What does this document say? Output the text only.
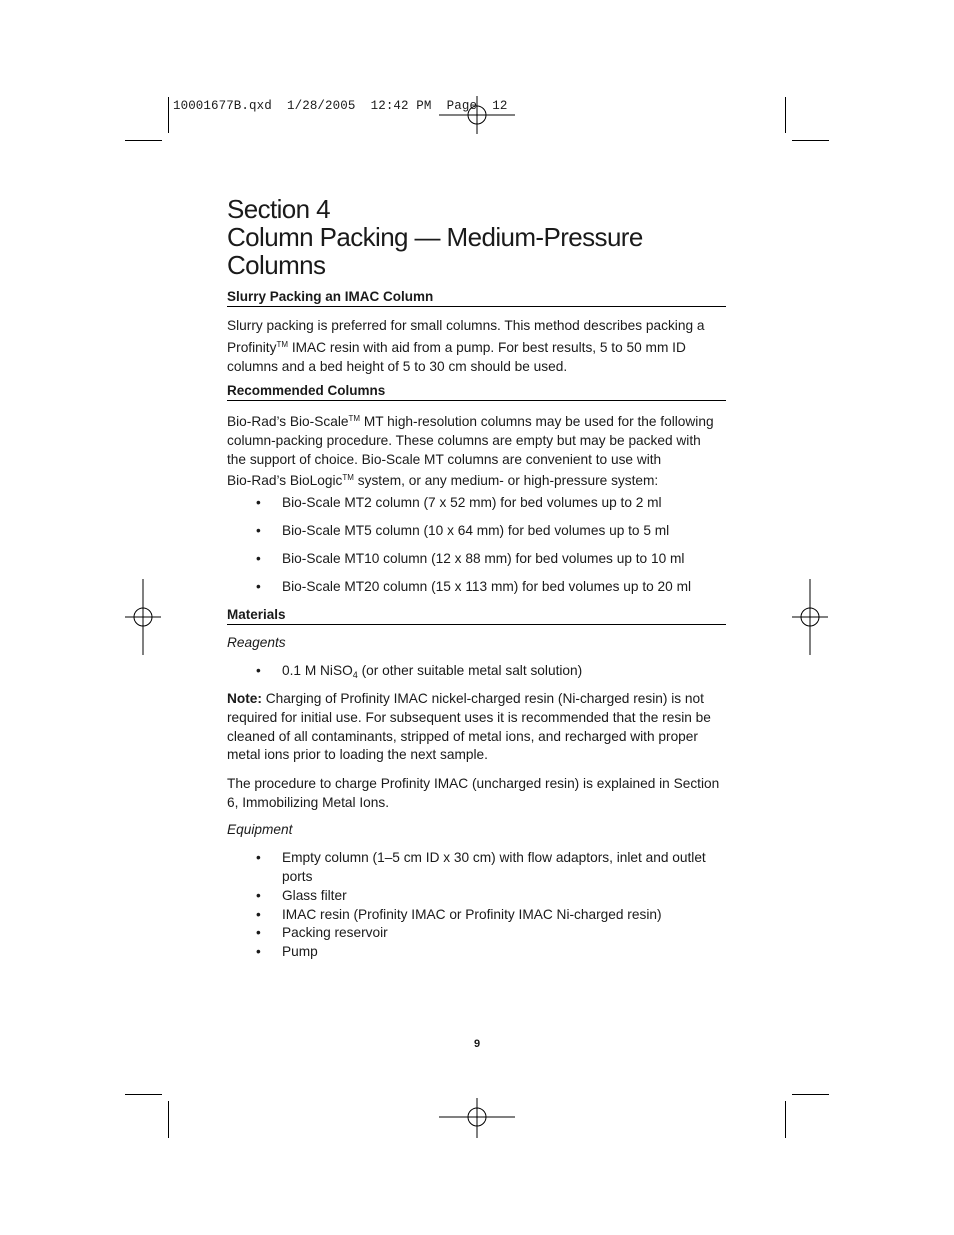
10001677B.qxd  1/28/2005  12:42 PM  Page  12
Section 4
Column Packing — Medium-Pressure
Columns
Slurry Packing an IMAC Column
Slurry packing is preferred for small columns. This method describes packing a
Profinity™ IMAC resin with aid from a pump. For best results, 5 to 50 mm ID
columns and a bed height of 5 to 30 cm should be used.
Recommended Columns
Bio-Rad’s Bio-Scale™ MT high-resolution columns may be used for the following
column-packing procedure. These columns are empty but may be packed with
the support of choice. Bio-Scale MT columns are convenient to use with
Bio-Rad’s BioLogic™ system, or any medium- or high-pressure system:
• Bio-Scale MT2 column (7 x 52 mm) for bed volumes up to 2 ml
• Bio-Scale MT5 column (10 x 64 mm) for bed volumes up to 5 ml
• Bio-Scale MT10 column (12 x 88 mm) for bed volumes up to 10 ml
• Bio-Scale MT20 column (15 x 113 mm) for bed volumes up to 20 ml
Materials
Reagents
• 0.1 M NiSO$_4$ (or other suitable metal salt solution)
Note: Charging of Profinity IMAC nickel-charged resin (Ni-charged resin) is not
required for initial use. For subsequent uses it is recommended that the resin be
cleaned of all contaminants, stripped of metal ions, and recharged with proper
metal ions prior to loading the next sample.
The procedure to charge Profinity IMAC (uncharged resin) is explained in Section
6, Immobilizing Metal Ions.
Equipment
• Empty column (1–5 cm ID x 30 cm) with flow adaptors, inlet and outlet
ports
• Glass filter
• IMAC resin (Profinity IMAC or Profinity IMAC Ni-charged resin)
• Packing reservoir
• Pump
9
